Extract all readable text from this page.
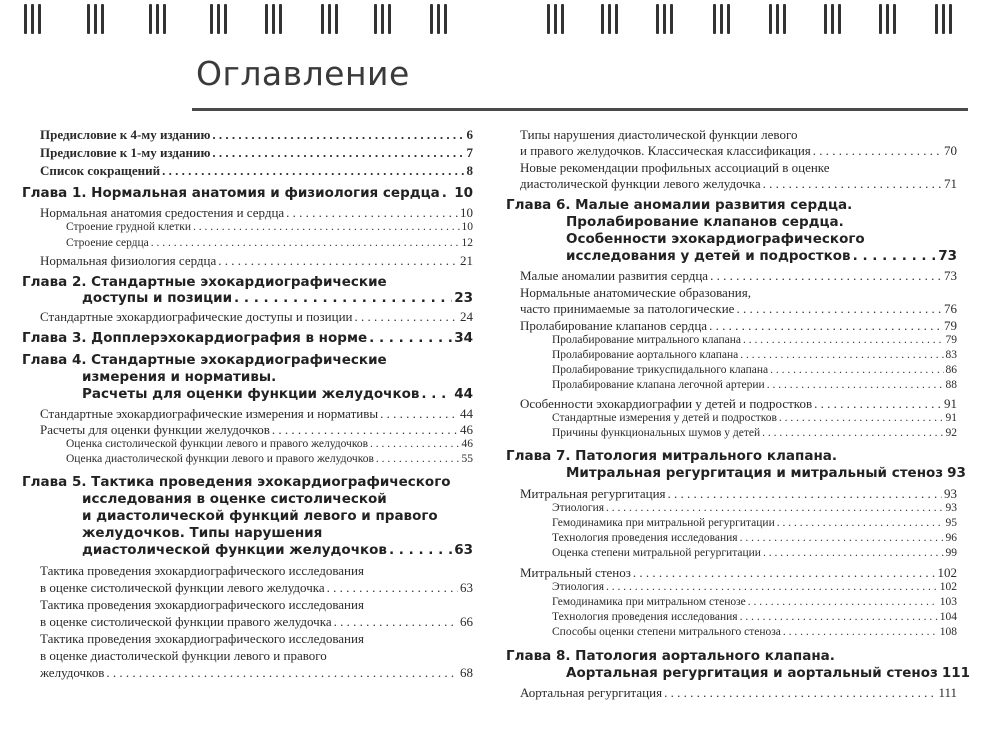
Оглавление
Предисловие к 4-му изданию . . .	6
Предисловие к 1-му изданию . . .	7
Список сокращений . . .	8
Глава 1. Нормальная анатомия и физиология сердца . . . 10
Нормальная анатомия средостения и сердца . . .	10
Строение грудной клетки . . .	10
Строение сердца . . .	12
Нормальная физиология сердца . . .	21
Глава 2. Стандартные эхокардиографические
доступы и позиции . . .	23
Стандартные эхокардиографические доступы и позиции . . .	24
Глава 3. Допплерэхокардиография в норме . . .	34
Глава 4. Стандартные эхокардиографические
измерения и нормативы.
Расчеты для оценки функции желудочков . . .	44
Стандартные эхокардиографические измерения и нормативы . . .	44
Расчеты для оценки функции желудочков . . .	46
Оценка систолической функции левого и правого желудочков . . .	46
Оценка диастолической функции левого и правого желудочков . . .	55
Глава 5. Тактика проведения эхокардиографического
исследования в оценке систолической
и диастолической функций левого и правого
желудочков. Типы нарушения
диастолической функции желудочков . . .	63
Тактика проведения эхокардиографического исследования
в оценке систолической функции левого желудочка . . .	63
Тактика проведения эхокардиографического исследования
в оценке систолической функции правого желудочка . . .	66
Тактика проведения эхокардиографического исследования
в оценке диастолической функции левого и правого
желудочков . . .	68
Типы нарушения диастолической функции левого
и правого желудочков. Классическая классификация . . .	70
Новые рекомендации профильных ассоциаций в оценке
диастолической функции левого желудочка . . .	71
Глава 6. Малые аномалии развития сердца.
Пролабирование клапанов сердца.
Особенности эхокардиографического
исследования у детей и подростков . . .	73
Малые аномалии развития сердца . . .	73
Нормальные анатомические образования,
часто принимаемые за патологические . . .	76
Пролабирование клапанов сердца . . .	79
Пролабирование митрального клапана . . .	79
Пролабирование аортального клапана . . .	83
Пролабирование трикуспидального клапана . . .	86
Пролабирование клапана легочной артерии . . .	88
Особенности эхокардиографии у детей и подростков . . .	91
Стандартные измерения у детей и подростков . . .	91
Причины функциональных шумов у детей . . .	92
Глава 7. Патология митрального клапана.
Митральная регургитация и митральный стеноз 93
Митральная регургитация . . .	93
Этиология . . .	93
Гемодинамика при митральной регургитации . . .	95
Технология проведения исследования . . .	96
Оценка степени митральной регургитации . . .	99
Митральный стеноз . . .	102
Этиология . . .	102
Гемодинамика при митральном стенозе . . .	103
Технология проведения исследования . . .	104
Способы оценки степени митрального стеноза . . .	108
Глава 8. Патология аортального клапана.
Аортальная регургитация и аортальный стеноз 111
Аортальная регургитация . . .	111
